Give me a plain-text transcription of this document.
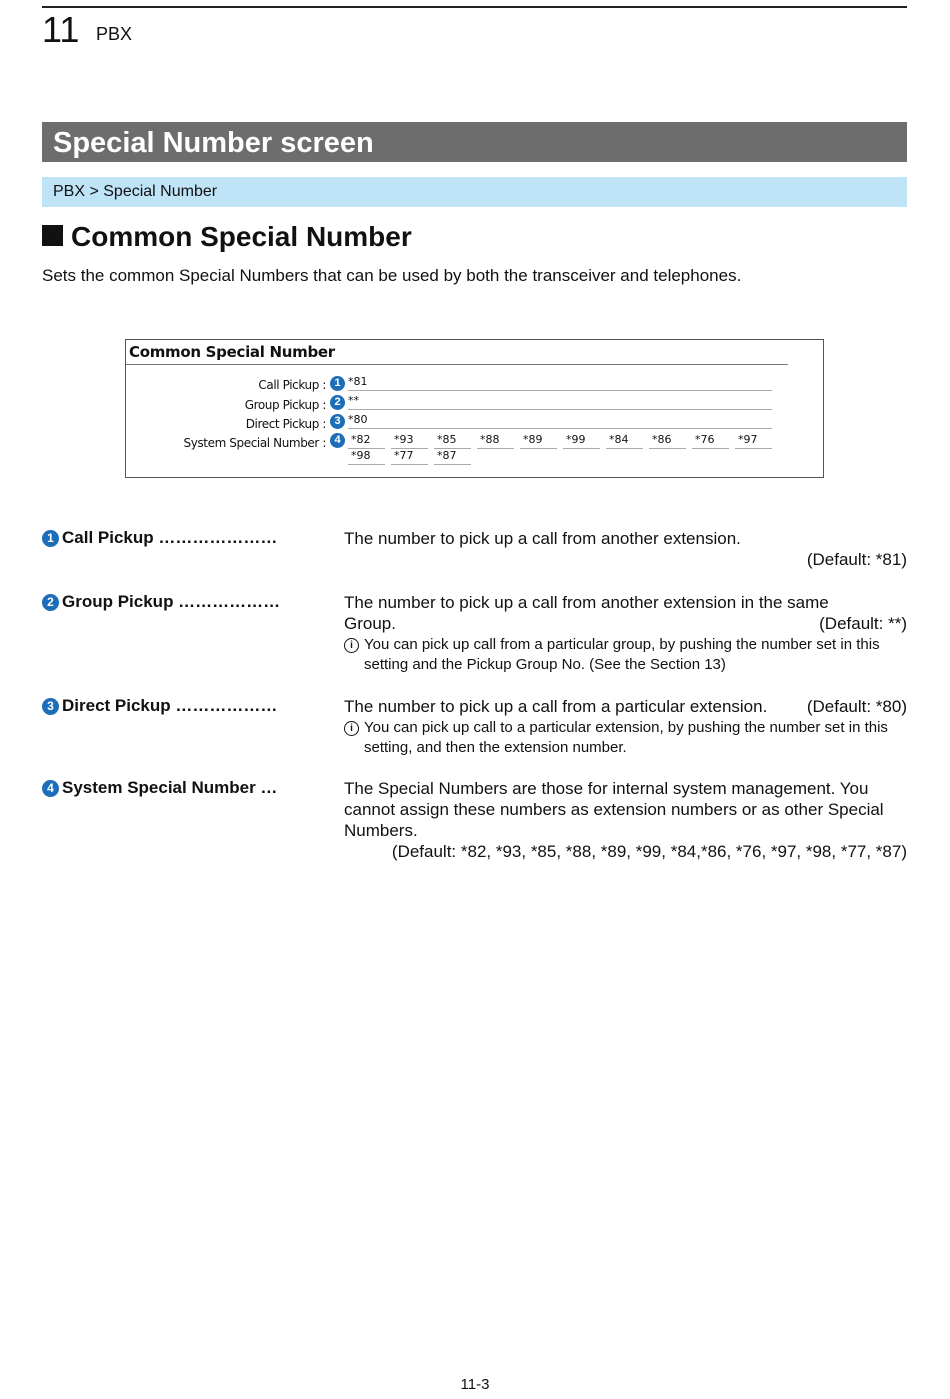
11 PBX
Special Number screen
PBX > Special Number
Common Special Number
Sets the common Special Numbers that can be used by both the transceiver and telephones.
Common Special Number
Call Pickup : 1 *81
Group Pickup : 2 **
Direct Pickup : 3 *80
System Special Number : 4 *82	*93	*85	*88	*89	*99	*84	*86	*76	*97
*98	*77	*87
1 Call Pickup …………………	The number to pick up a call from another extension.
(Default: *81)
2 Group Pickup ………………	The number to pick up a call from another extension in the same
Group.	(Default: **)
i You can pick up call from a particular group, by pushing the number set in this setting and the Pickup Group No. (See the Section 13)
3 Direct Pickup ………………	The number to pick up a call from a particular extension. (Default: *80)
i You can pick up call to a particular extension, by pushing the number set in this setting, and then the extension number.
4 System Special Number …	The Special Numbers are those for internal system management. You cannot assign these numbers as extension numbers or as other Special Numbers.
(Default: *82, *93, *85, *88, *89, *99, *84,*86, *76, *97, *98, *77, *87)
11-3
